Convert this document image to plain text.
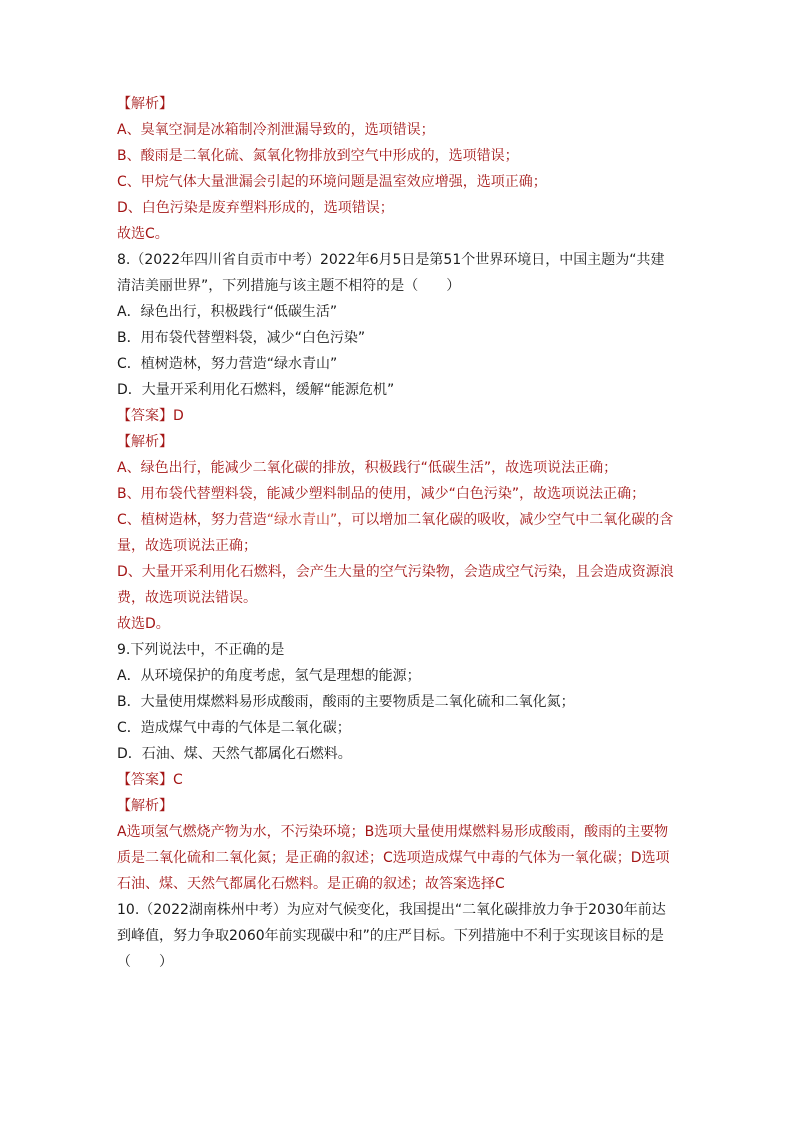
【解析】
A、臭氧空洞是冰箱制冷剂泄漏导致的，选项错误；
B、酸雨是二氧化硫、氮氧化物排放到空气中形成的，选项错误；
C、甲烷气体大量泄漏会引起的环境问题是温室效应增强，选项正确；
D、白色污染是废弃塑料形成的，选项错误；
故选C。
8.（2022年四川省自贡市中考）2022年6月5日是第51个世界环境日，中国主题为“共建
清洁美丽世界”，下列措施与该主题不相符的是（　　）
A．绿色出行，积极践行“低碳生活”
B．用布袋代替塑料袋，减少“白色污染”
C．植树造林，努力营造“绿水青山”
D．大量开采利用化石燃料，缓解“能源危机”
【答案】D
【解析】
A、绿色出行，能减少二氧化碳的排放，积极践行“低碳生活”，故选项说法正确；
B、用布袋代替塑料袋，能减少塑料制品的使用，减少“白色污染”，故选项说法正确；
C、植树造林，努力营造“绿水青山”，可以增加二氧化碳的吸收，减少空气中二氧化碳的含
量，故选项说法正确；
D、大量开采利用化石燃料，会产生大量的空气污染物，会造成空气污染，且会造成资源浪
费，故选项说法错误。
故选D。
9.下列说法中，不正确的是
A．从环境保护的角度考虑，氢气是理想的能源；
B．大量使用煤燃料易形成酸雨，酸雨的主要物质是二氧化硫和二氧化氮；
C．造成煤气中毒的气体是二氧化碳；
D．石油、煤、天然气都属化石燃料。
【答案】C
【解析】
A选项氢气燃烧产物为水，不污染环境；B选项大量使用煤燃料易形成酸雨，酸雨的主要物
质是二氧化硫和二氧化氮；是正确的叙述；C选项造成煤气中毒的气体为一氧化碳；D选项
石油、煤、天然气都属化石燃料。是正确的叙述；故答案选择C
10.（2022湖南株州中考）为应对气候变化，我国提出“二氧化碳排放力争于2030年前达
到峰值，努力争取2060年前实现碳中和”的庄严目标。下列措施中不利于实现该目标的是
（　　）
